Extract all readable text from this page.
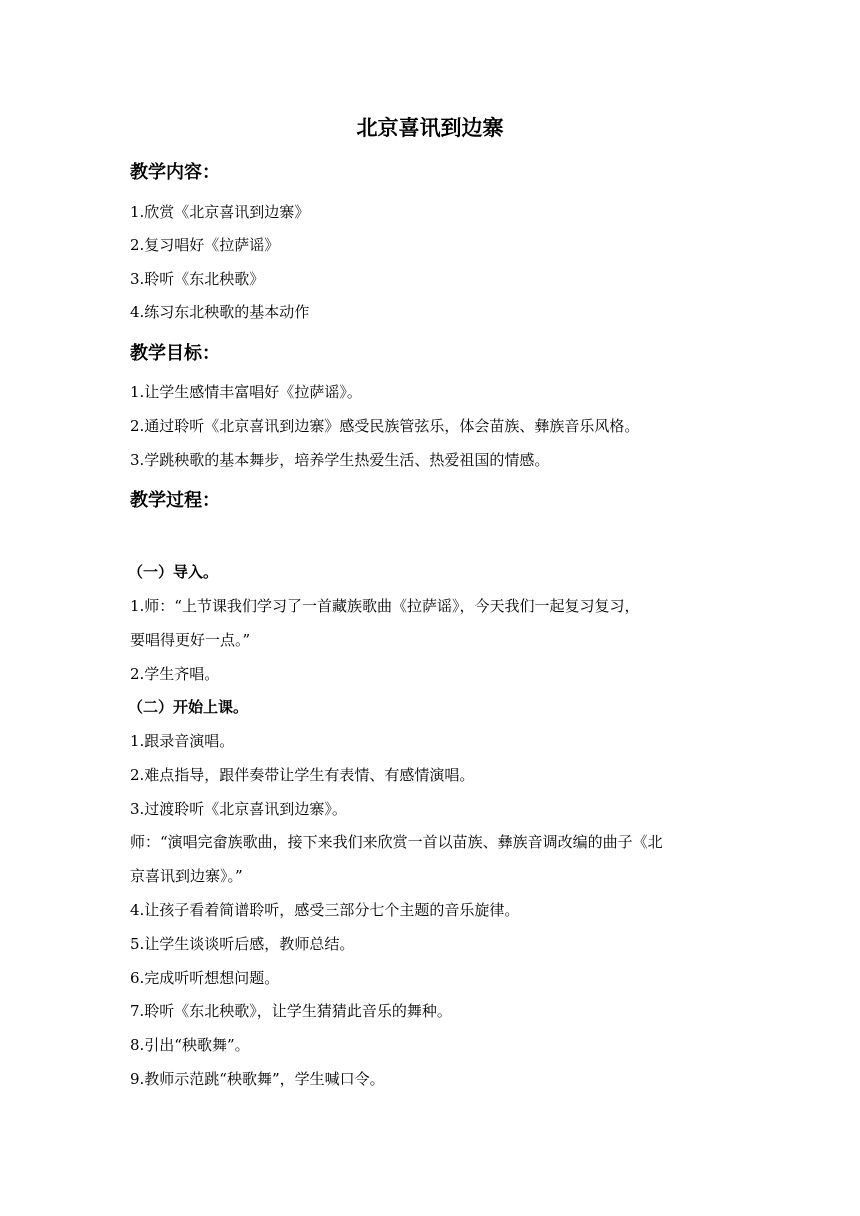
北京喜讯到边寨
教学内容：
1.欣赏《北京喜讯到边寨》
2.复习唱好《拉萨谣》
3.聆听《东北秧歌》
4.练习东北秧歌的基本动作
教学目标：
1.让学生感情丰富唱好《拉萨谣》。
2.通过聆听《北京喜讯到边寨》感受民族管弦乐，体会苗族、彝族音乐风格。
3.学跳秧歌的基本舞步，培养学生热爱生活、热爱祖国的情感。
教学过程：
（一）导入。
1.师：“上节课我们学习了一首藏族歌曲《拉萨谣》，今天我们一起复习复习，
要唱得更好一点。”
2.学生齐唱。
（二）开始上课。
1.跟录音演唱。
2.难点指导，跟伴奏带让学生有表情、有感情演唱。
3.过渡聆听《北京喜讯到边寨》。
师：“演唱完畲族歌曲，接下来我们来欣赏一首以苗族、彝族音调改编的曲子《北
京喜讯到边寨》。”
4.让孩子看着简谱聆听，感受三部分七个主题的音乐旋律。
5.让学生谈谈听后感，教师总结。
6.完成听听想想问题。
7.聆听《东北秧歌》，让学生猜猜此音乐的舞种。
8.引出“秧歌舞”。
9.教师示范跳“秧歌舞”，学生喊口令。
